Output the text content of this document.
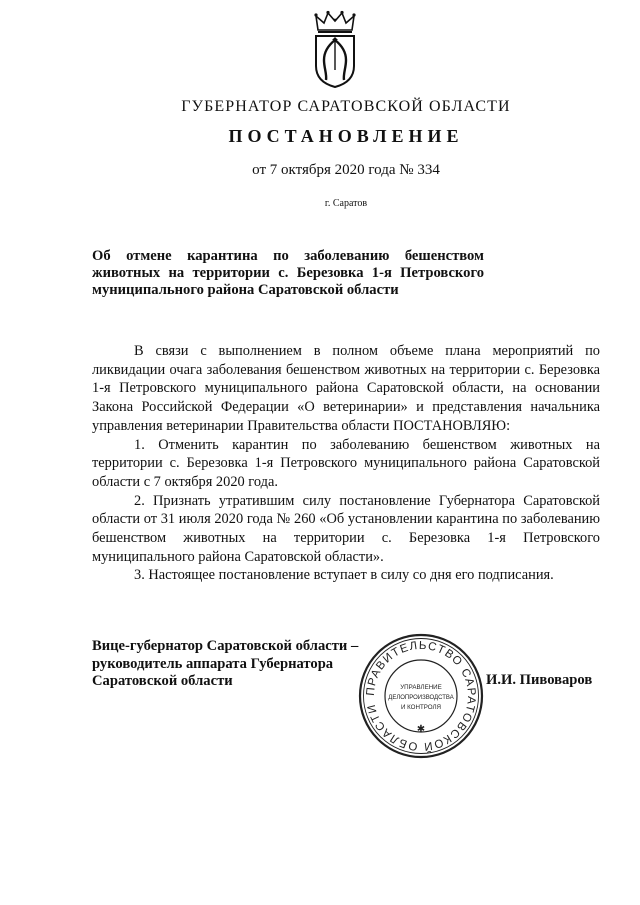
ГУБЕРНАТОР САРАТОВСКОЙ ОБЛАСТИ
ПОСТАНОВЛЕНИЕ
от 7 октября 2020 года № 334
г. Саратов
Об отмене карантина по заболеванию бешенством животных на территории с. Березовка 1-я Петровского муниципального района Саратовской области

В связи с выполнением в полном объеме плана мероприятий по ликвидации очага заболевания бешенством животных на территории с. Березовка 1-я Петровского муниципального района Саратовской области, на основании Закона Российской Федерации «О ветеринарии» и представления начальника управления ветеринарии Правительства области ПОСТАНОВЛЯЮ:

1. Отменить карантин по заболеванию бешенством животных на территории с. Березовка 1-я Петровского муниципального района Саратовской области с 7 октября 2020 года.

2. Признать утратившим силу постановление Губернатора Саратовской области от 31 июля 2020 года № 260 «Об установлении карантина по заболеванию бешенством животных на территории с. Березовка 1-я Петровского муниципального района Саратовской области».

3. Настоящее постановление вступает в силу со дня его подписания.

Вице-губернатор Саратовской области –
руководитель аппарата Губернатора
Саратовской области
ПРАВИТЕЛЬСТВО САРАТОВСКОЙ ОБЛАСТИ
✱
УПРАВЛЕНИЕ
ДЕЛОПРОИЗВОДСТВА
И КОНТРОЛЯ
И.И. Пивоваров
